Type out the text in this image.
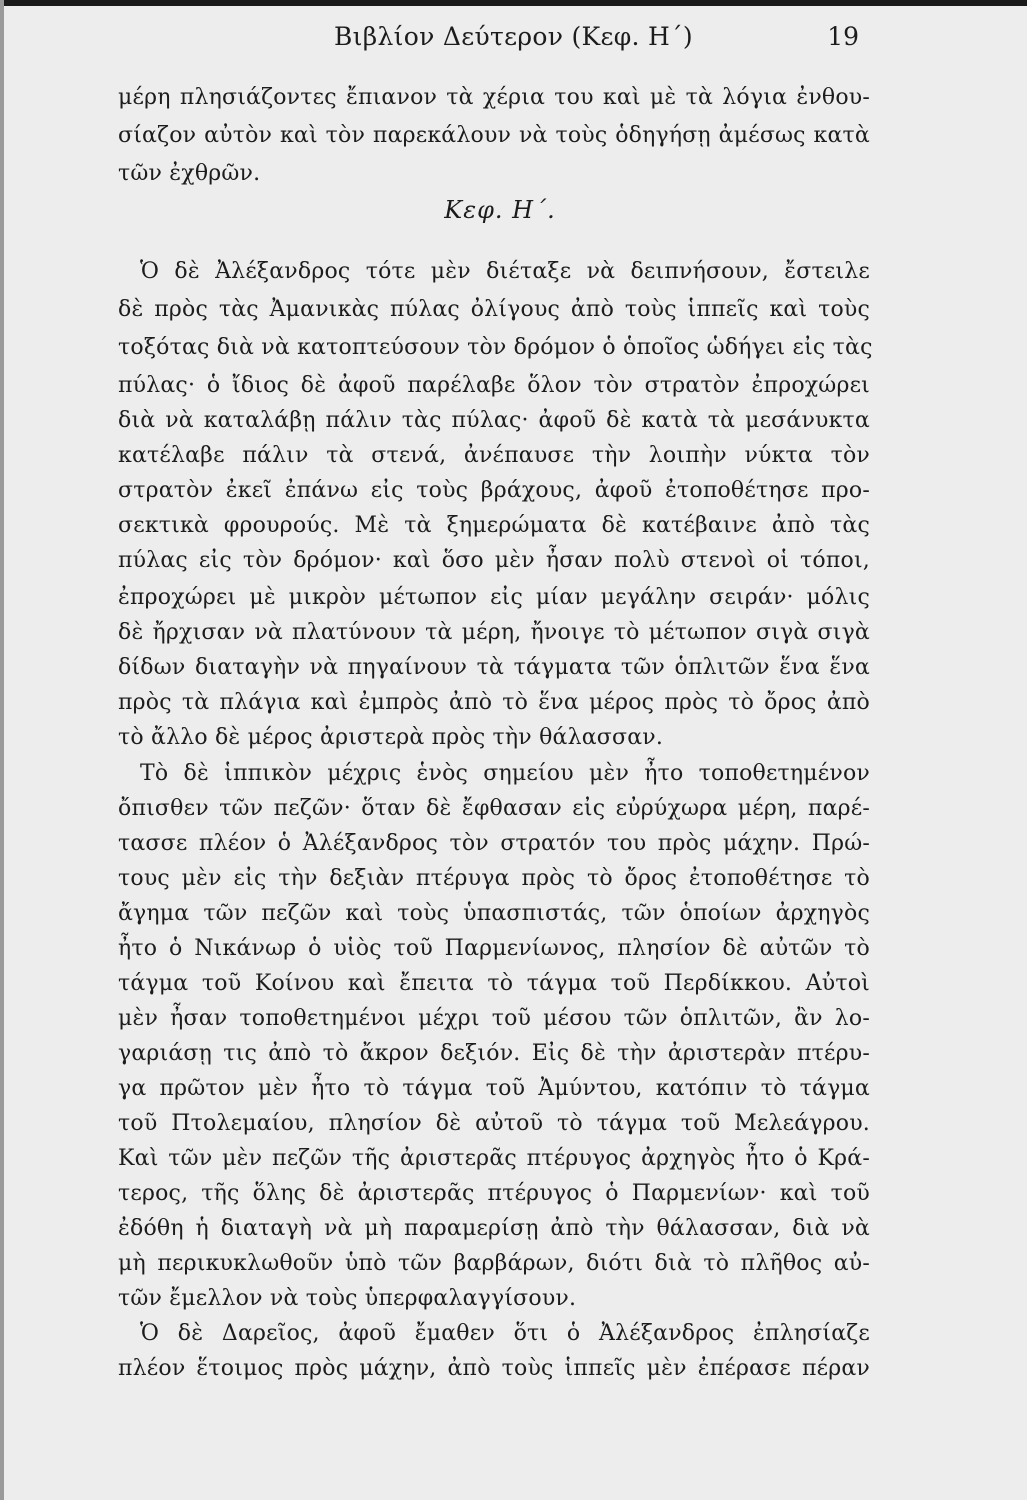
Βιβλίον Δεύτερον (Κεφ. Η΄)	19
μέρη πλησιάζοντες ἔπιανον τὰ χέρια του καὶ μὲ τὰ λόγια ἐνθου-
σίαζον αὐτὸν καὶ τὸν παρεκάλουν νὰ τοὺς ὁδηγήσῃ ἀμέσως κατὰ
τῶν ἐχθρῶν.
Κεφ. Η΄.
Ὁ δὲ Ἀλέξανδρος τότε μὲν διέταξε νὰ δειπνήσουν, ἔστειλε
δὲ πρὸς τὰς Ἀμανικὰς πύλας ὀλίγους ἀπὸ τοὺς ἱππεῖς καὶ τοὺς
τοξότας διὰ νὰ κατοπτεύσουν τὸν δρόμον ὁ ὁποῖος ὡδήγει εἰς τὰς
πύλας· ὁ ἴδιος δὲ ἀφοῦ παρέλαβε ὅλον τὸν στρατὸν ἐπροχώρει
διὰ νὰ καταλάβῃ πάλιν τὰς πύλας· ἀφοῦ δὲ κατὰ τὰ μεσάνυκτα
κατέλαβε πάλιν τὰ στενά, ἀνέπαυσε τὴν λοιπὴν νύκτα τὸν
στρατὸν ἐκεῖ ἐπάνω εἰς τοὺς βράχους, ἀφοῦ ἐτοποθέτησε προ-
σεκτικὰ φρουρούς. Μὲ τὰ ξημερώματα δὲ κατέβαινε ἀπὸ τὰς
πύλας εἰς τὸν δρόμον· καὶ ὅσο μὲν ἦσαν πολὺ στενοὶ οἱ τόποι,
ἐπροχώρει μὲ μικρὸν μέτωπον εἰς μίαν μεγάλην σειράν· μόλις
δὲ ἤρχισαν νὰ πλατύνουν τὰ μέρη, ἤνοιγε τὸ μέτωπον σιγὰ σιγὰ
δίδων διαταγὴν νὰ πηγαίνουν τὰ τάγματα τῶν ὁπλιτῶν ἕνα ἕνα
πρὸς τὰ πλάγια καὶ ἐμπρὸς ἀπὸ τὸ ἕνα μέρος πρὸς τὸ ὄρος ἀπὸ
τὸ ἄλλο δὲ μέρος ἀριστερὰ πρὸς τὴν θάλασσαν.
Τὸ δὲ ἱππικὸν μέχρις ἑνὸς σημείου μὲν ἦτο τοποθετημένον
ὄπισθεν τῶν πεζῶν· ὅταν δὲ ἔφθασαν εἰς εὐρύχωρα μέρη, παρέ-
τασσε πλέον ὁ Ἀλέξανδρος τὸν στρατόν του πρὸς μάχην. Πρώ-
τους μὲν εἰς τὴν δεξιὰν πτέρυγα πρὸς τὸ ὄρος ἐτοποθέτησε τὸ
ἄγημα τῶν πεζῶν καὶ τοὺς ὑπασπιστάς, τῶν ὁποίων ἀρχηγὸς
ἦτο ὁ Νικάνωρ ὁ υἱὸς τοῦ Παρμενίωνος, πλησίον δὲ αὐτῶν τὸ
τάγμα τοῦ Κοίνου καὶ ἔπειτα τὸ τάγμα τοῦ Περδίκκου. Αὐτοὶ
μὲν ἦσαν τοποθετημένοι μέχρι τοῦ μέσου τῶν ὁπλιτῶν, ἂν λο-
γαριάσῃ τις ἀπὸ τὸ ἄκρον δεξιόν. Εἰς δὲ τὴν ἀριστερὰν πτέρυ-
γα πρῶτον μὲν ἦτο τὸ τάγμα τοῦ Ἀμύντου, κατόπιν τὸ τάγμα
τοῦ Πτολεμαίου, πλησίον δὲ αὐτοῦ τὸ τάγμα τοῦ Μελεάγρου.
Καὶ τῶν μὲν πεζῶν τῆς ἀριστερᾶς πτέρυγος ἀρχηγὸς ἦτο ὁ Κρά-
τερος, τῆς ὅλης δὲ ἀριστερᾶς πτέρυγος ὁ Παρμενίων· καὶ τοῦ
ἐδόθη ἡ διαταγὴ νὰ μὴ παραμερίσῃ ἀπὸ τὴν θάλασσαν, διὰ νὰ
μὴ περικυκλωθοῦν ὑπὸ τῶν βαρβάρων, διότι διὰ τὸ πλῆθος αὐ-
τῶν ἔμελλον νὰ τοὺς ὑπερφαλαγγίσουν.
Ὁ δὲ Δαρεῖος, ἀφοῦ ἔμαθεν ὅτι ὁ Ἀλέξανδρος ἐπλησίαζε
πλέον ἕτοιμος πρὸς μάχην, ἀπὸ τοὺς ἱππεῖς μὲν ἐπέρασε πέραν
